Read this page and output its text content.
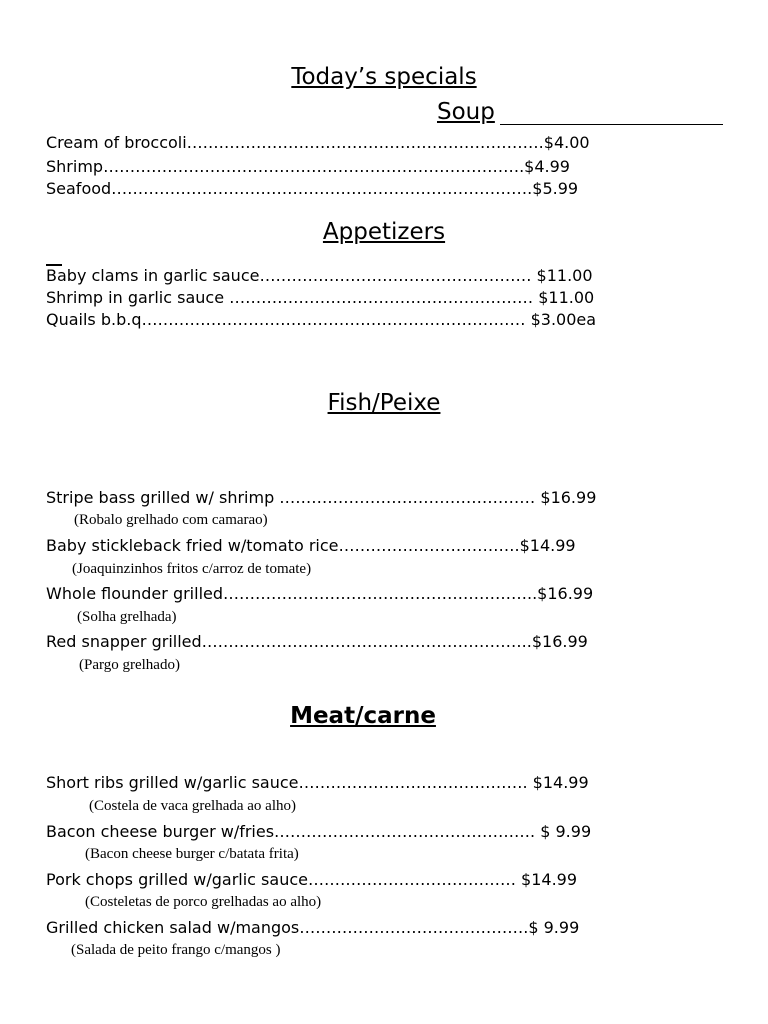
Today’s specials
Soup
Cream of broccoli………………………………………………………….$4.00
Shrimp…………………………………………………………………….$4.99
Seafood…………………………………………………………………….$5.99
Appetizers
Baby clams in garlic sauce…………………………………………… $11.00
Shrimp in garlic sauce ………………………………………………… $11.00
Quails b.b.q……………………………………………………………… $3.00ea
Fish/Peixe
Stripe bass grilled w/ shrimp ………………………………………… $16.99
(Robalo grelhado com camarao)
Baby stickleback fried w/tomato rice…………………………….$14.99
(Joaquinzinhos fritos c/arroz de tomate)
Whole flounder grilled…………………………………………………..$16.99
(Solha grelhada)
Red snapper grilled……………………………………………………..$16.99
(Pargo grelhado)
Meat/carne
Short ribs grilled w/garlic sauce……………………………………. $14.99
(Costela de vaca grelhada ao alho)
Bacon cheese burger w/fries…………………………………………. $ 9.99
(Bacon cheese burger c/batata frita)
Pork chops grilled w/garlic sauce………………………………… $14.99
(Costeletas de porco grelhadas ao alho)
Grilled chicken salad w/mangos…………………………………….$ 9.99
(Salada de peito frango c/mangos )
